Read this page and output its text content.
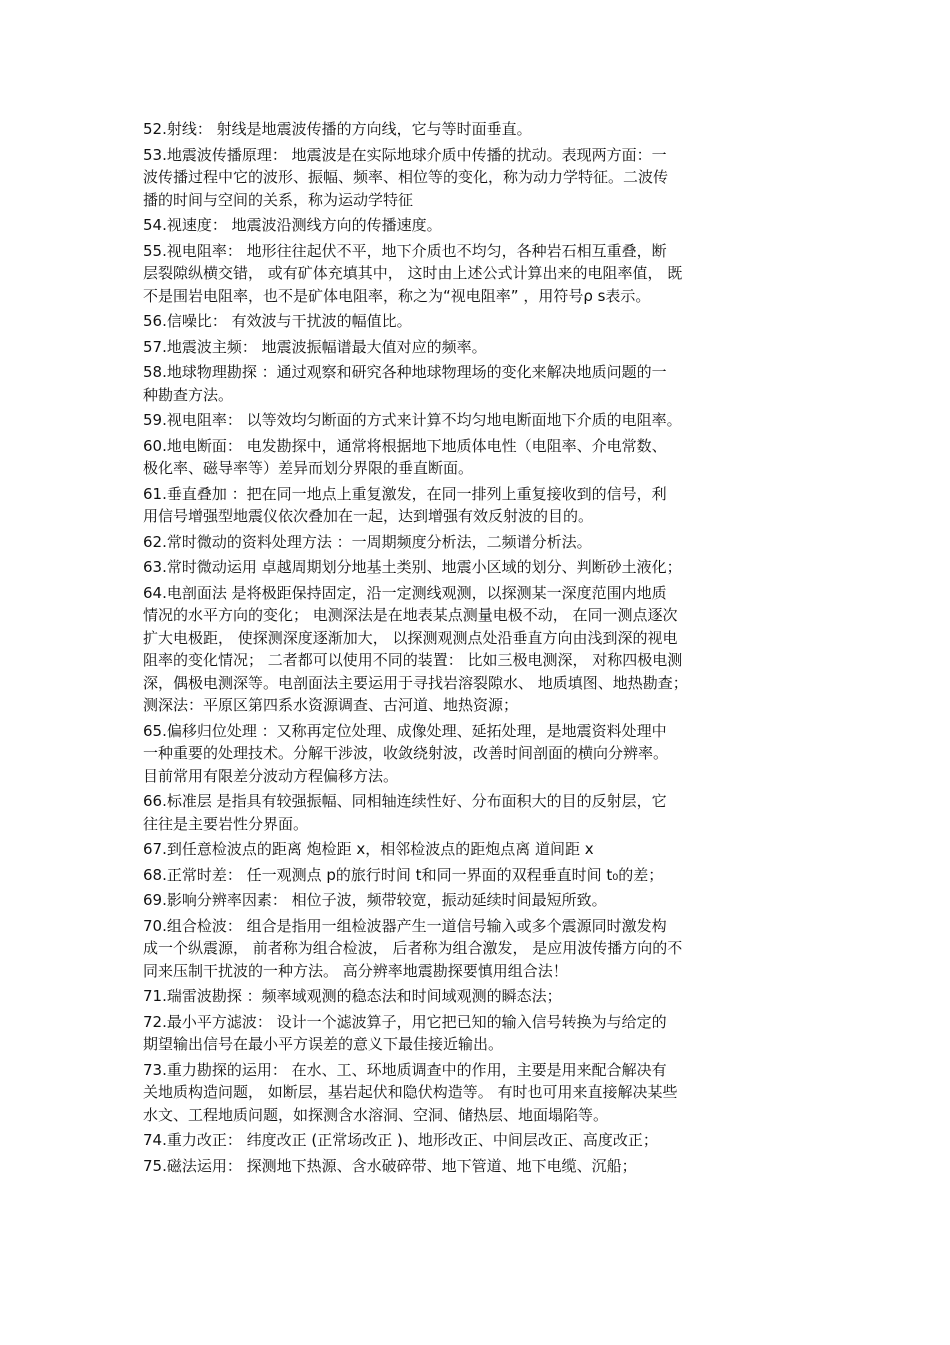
52.射线： 射线是地震波传播的方向线，它与等时面垂直。
53.地震波传播原理： 地震波是在实际地球介质中传播的扰动。表现两方面：一
波传播过程中它的波形、振幅、频率、相位等的变化，称为动力学特征。二波传
播的时间与空间的关系，称为运动学特征
54.视速度： 地震波沿测线方向的传播速度。
55.视电阻率： 地形往往起伏不平，地下介质也不均匀，各种岩石相互重叠，断
层裂隙纵横交错， 或有矿体充填其中， 这时由上述公式计算出来的电阻率值， 既
不是围岩电阻率，也不是矿体电阻率，称之为“视电阻率” ，用符号ρ s表示。
56.信噪比： 有效波与干扰波的幅值比。
57.地震波主频： 地震波振幅谱最大值对应的频率。
58.地球物理勘探 ：通过观察和研究各种地球物理场的变化来解决地质问题的一
种勘查方法。
59.视电阻率： 以等效均匀断面的方式来计算不均匀地电断面地下介质的电阻率。
60.地电断面： 电发勘探中，通常将根据地下地质体电性（电阻率、介电常数、
极化率、磁导率等）差异而划分界限的垂直断面。
61.垂直叠加 ：把在同一地点上重复激发，在同一排列上重复接收到的信号，利
用信号增强型地震仪依次叠加在一起，达到增强有效反射波的目的。
62.常时微动的资料处理方法 ：一周期频度分析法，二频谱分析法。
63.常时微动运用 卓越周期划分地基土类别、地震小区域的划分、判断砂土液化；
64.电剖面法 是将极距保持固定，沿一定测线观测，以探测某一深度范围内地质
情况的水平方向的变化； 电测深法是在地表某点测量电极不动， 在同一测点逐次
扩大电极距， 使探测深度逐渐加大， 以探测观测点处沿垂直方向由浅到深的视电
阻率的变化情况； 二者都可以使用不同的装置： 比如三极电测深， 对称四极电测
深，偶极电测深等。电剖面法主要运用于寻找岩溶裂隙水、 地质填图、地热勘查；
测深法：平原区第四系水资源调查、古河道、地热资源；
65.偏移归位处理 ：又称再定位处理、成像处理、延拓处理，是地震资料处理中
一种重要的处理技术。分解干涉波，收敛绕射波，改善时间剖面的横向分辨率。
目前常用有限差分波动方程偏移方法。
66.标准层 是指具有较强振幅、同相轴连续性好、分布面积大的目的反射层，它
往往是主要岩性分界面。
67.到任意检波点的距离 炮检距 x，相邻检波点的距炮点离 道间距 x
68.正常时差： 任一观测点 p的旅行时间 t和同一界面的双程垂直时间 t₀的差；
69.影响分辨率因素： 相位子波，频带较宽，振动延续时间最短所致。
70.组合检波： 组合是指用一组检波器产生一道信号输入或多个震源同时激发构
成一个纵震源， 前者称为组合检波， 后者称为组合激发， 是应用波传播方向的不
同来压制干扰波的一种方法。 高分辨率地震勘探要慎用组合法！
71.瑞雷波勘探 ：频率域观测的稳态法和时间域观测的瞬态法；
72.最小平方滤波： 设计一个滤波算子，用它把已知的输入信号转换为与给定的
期望输出信号在最小平方误差的意义下最佳接近输出。
73.重力勘探的运用： 在水、工、环地质调查中的作用，主要是用来配合解决有
关地质构造问题， 如断层，基岩起伏和隐伏构造等。 有时也可用来直接解决某些
水文、工程地质问题，如探测含水溶洞、空洞、储热层、地面塌陷等。
74.重力改正： 纬度改正 (正常场改正 )、地形改正、中间层改正、高度改正；
75.磁法运用： 探测地下热源、含水破碎带、地下管道、地下电缆、沉船；
